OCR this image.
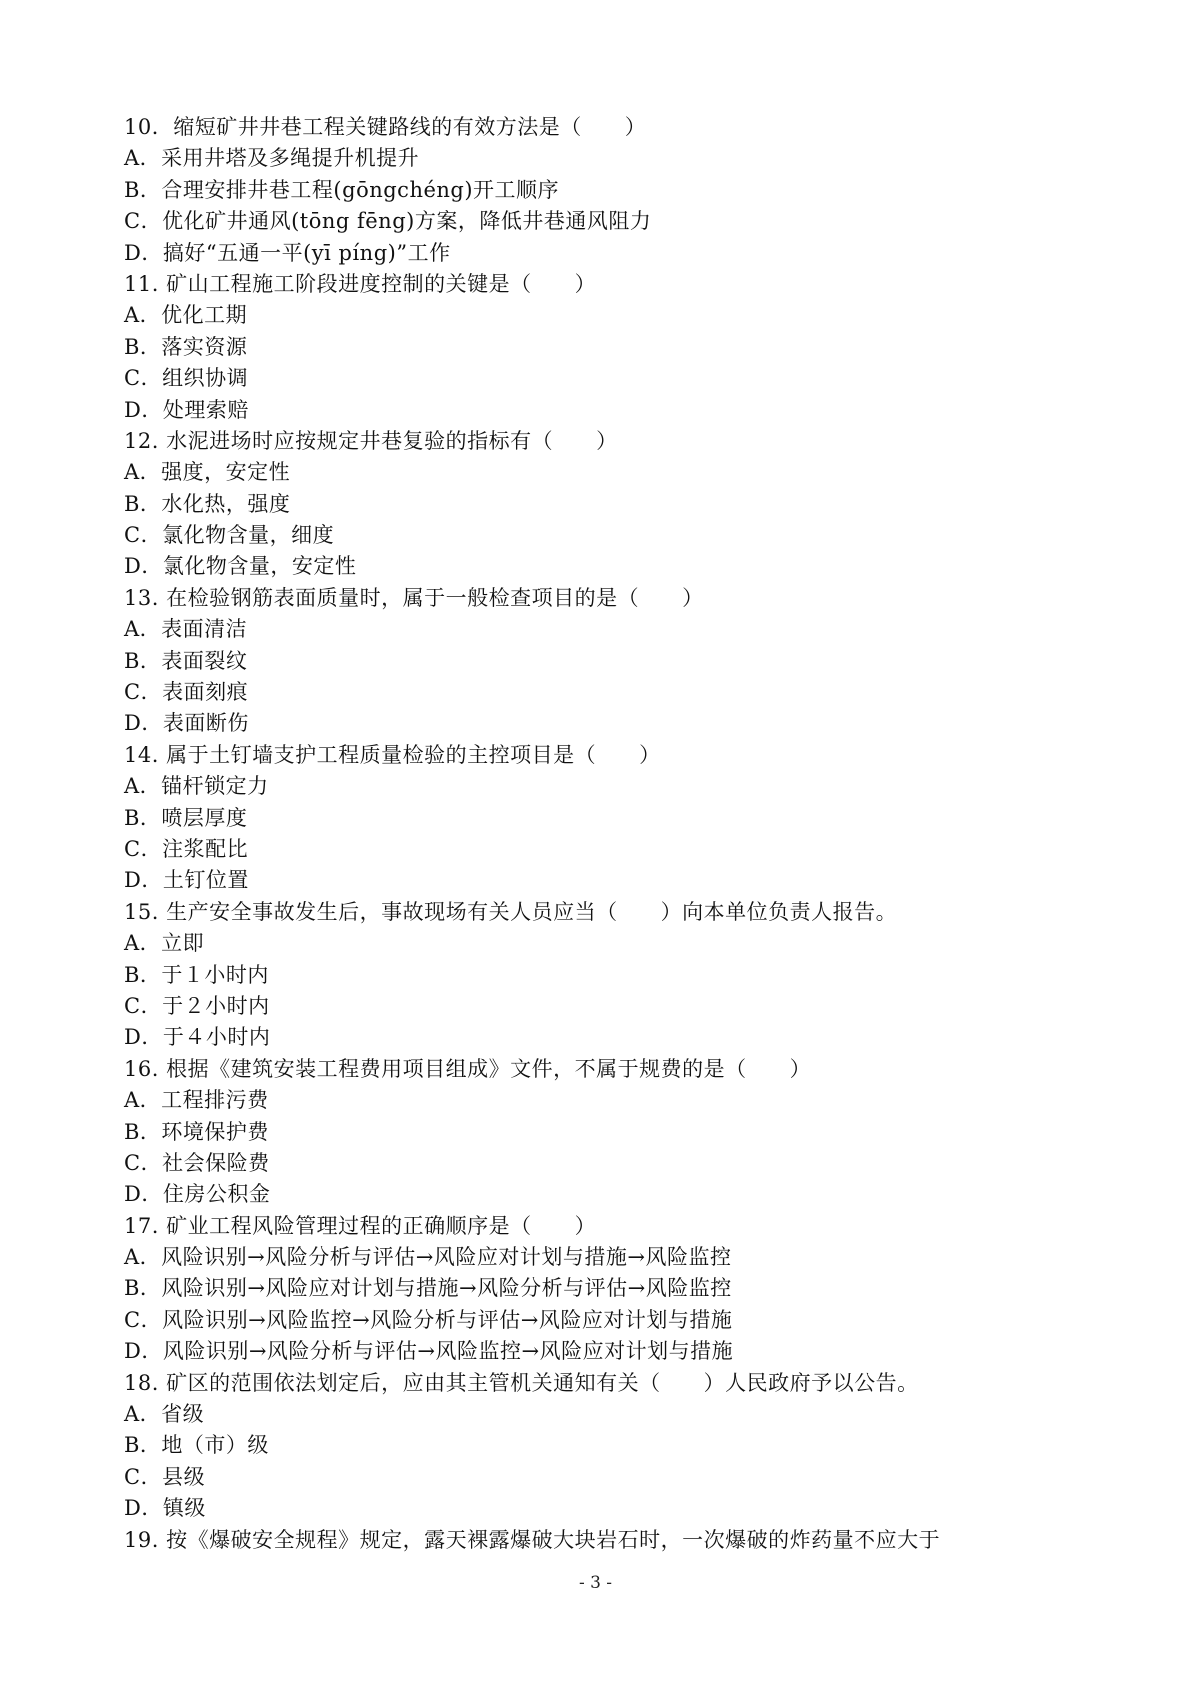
10．缩短矿井井巷工程关键路线的有效方法是（　　）
A．采用井塔及多绳提升机提升
B．合理安排井巷工程(gōngchéng)开工顺序
C．优化矿井通风(tōng fēng)方案，降低井巷通风阻力
D．搞好“五通一平(yī píng)”工作
11. 矿山工程施工阶段进度控制的关键是（　　）
A．优化工期
B．落实资源
C．组织协调
D．处理索赔
12. 水泥进场时应按规定井巷复验的指标有（　　）
A．强度，安定性
B．水化热，强度
C．氯化物含量，细度
D．氯化物含量，安定性
13. 在检验钢筋表面质量时，属于一般检查项目的是（　　）
A．表面清洁
B．表面裂纹
C．表面刻痕
D．表面断伤
14. 属于土钉墙支护工程质量检验的主控项目是（　　）
A．锚杆锁定力
B．喷层厚度
C．注浆配比
D．土钉位置
15. 生产安全事故发生后，事故现场有关人员应当（　　）向本单位负责人报告。
A．立即
B．于１小时内
C．于２小时内
D．于４小时内
16. 根据《建筑安装工程费用项目组成》文件，不属于规费的是（　　）
A．工程排污费
B．环境保护费
C．社会保险费
D．住房公积金
17. 矿业工程风险管理过程的正确顺序是（　　）
A．风险识别→风险分析与评估→风险应对计划与措施→风险监控
B．风险识别→风险应对计划与措施→风险分析与评估→风险监控
C．风险识别→风险监控→风险分析与评估→风险应对计划与措施
D．风险识别→风险分析与评估→风险监控→风险应对计划与措施
18. 矿区的范围依法划定后，应由其主管机关通知有关（　　）人民政府予以公告。
A．省级
B．地（市）级
C．县级
D．镇级
19. 按《爆破安全规程》规定，露天裸露爆破大块岩石时，一次爆破的炸药量不应大于
- 3 -
